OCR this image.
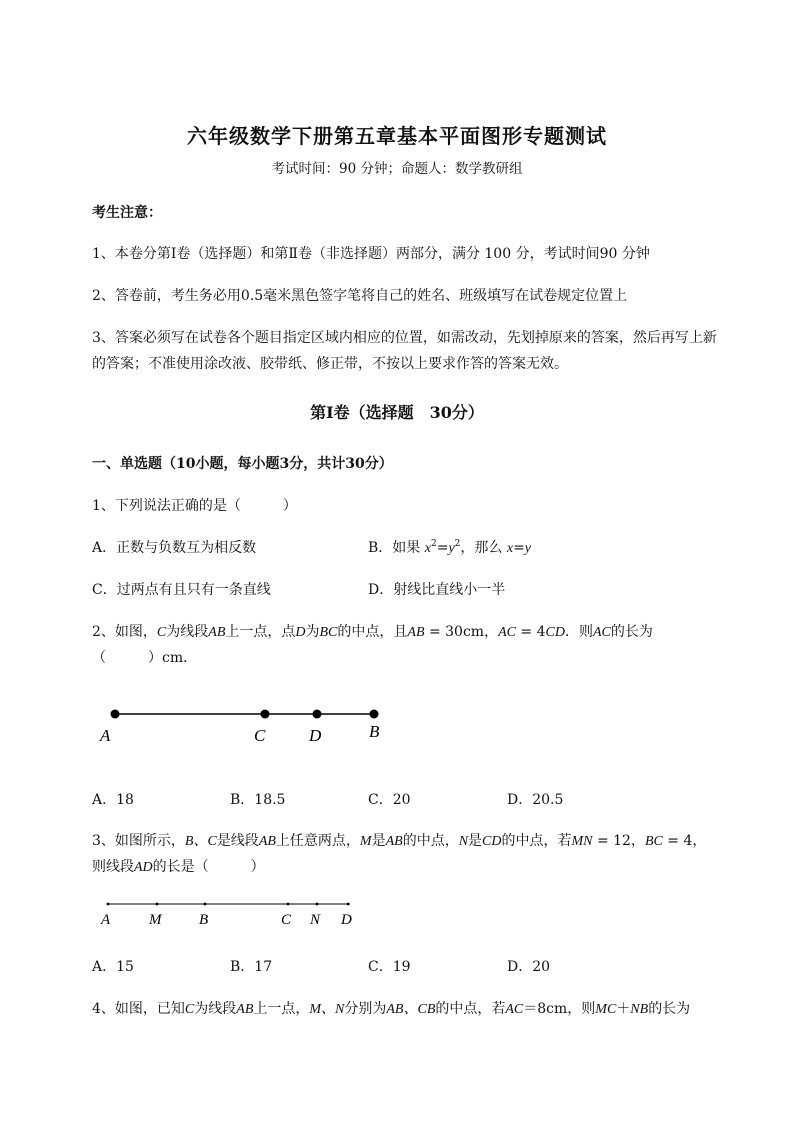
六年级数学下册第五章基本平面图形专题测试
考试时间：90 分钟；命题人：数学教研组
考生注意：
1、本卷分第Ⅰ卷（选择题）和第Ⅱ卷（非选择题）两部分，满分 100 分，考试时间90 分钟
2、答卷前，考生务必用0.5毫米黑色签字笔将自己的姓名、班级填写在试卷规定位置上
3、答案必须写在试卷各个题目指定区域内相应的位置，如需改动，先划掉原来的答案，然后再写上新
的答案；不准使用涂改液、胶带纸、修正带，不按以上要求作答的答案无效。
第Ⅰ卷（选择题　30分）
一、单选题（10小题，每小题3分，共计30分）
1、下列说法正确的是（　　　）
A．正数与负数互为相反数	B．如果 $x^2=y^2$，那么 x=y
C．过两点有且只有一条直线	D．射线比直线小一半
2、如图，C为线段AB上一点，点D为BC的中点，且AB = 30cm，AC = 4CD．则AC的长为
（　　　）cm．
A	C	D	B
A	M	B	C N D
A．18	B．18.5	C．20	D．20.5
3、如图所示，B、C是线段AB上任意两点，M是AB的中点，N是CD的中点，若MN = 12，BC = 4，
则线段AD的长是（　　　）
A．15	B．17	C．19	D．20
4、如图，已知C为线段AB上一点，M、N分别为AB、CB的中点，若AC＝8cm，则MC＋NB的长为
